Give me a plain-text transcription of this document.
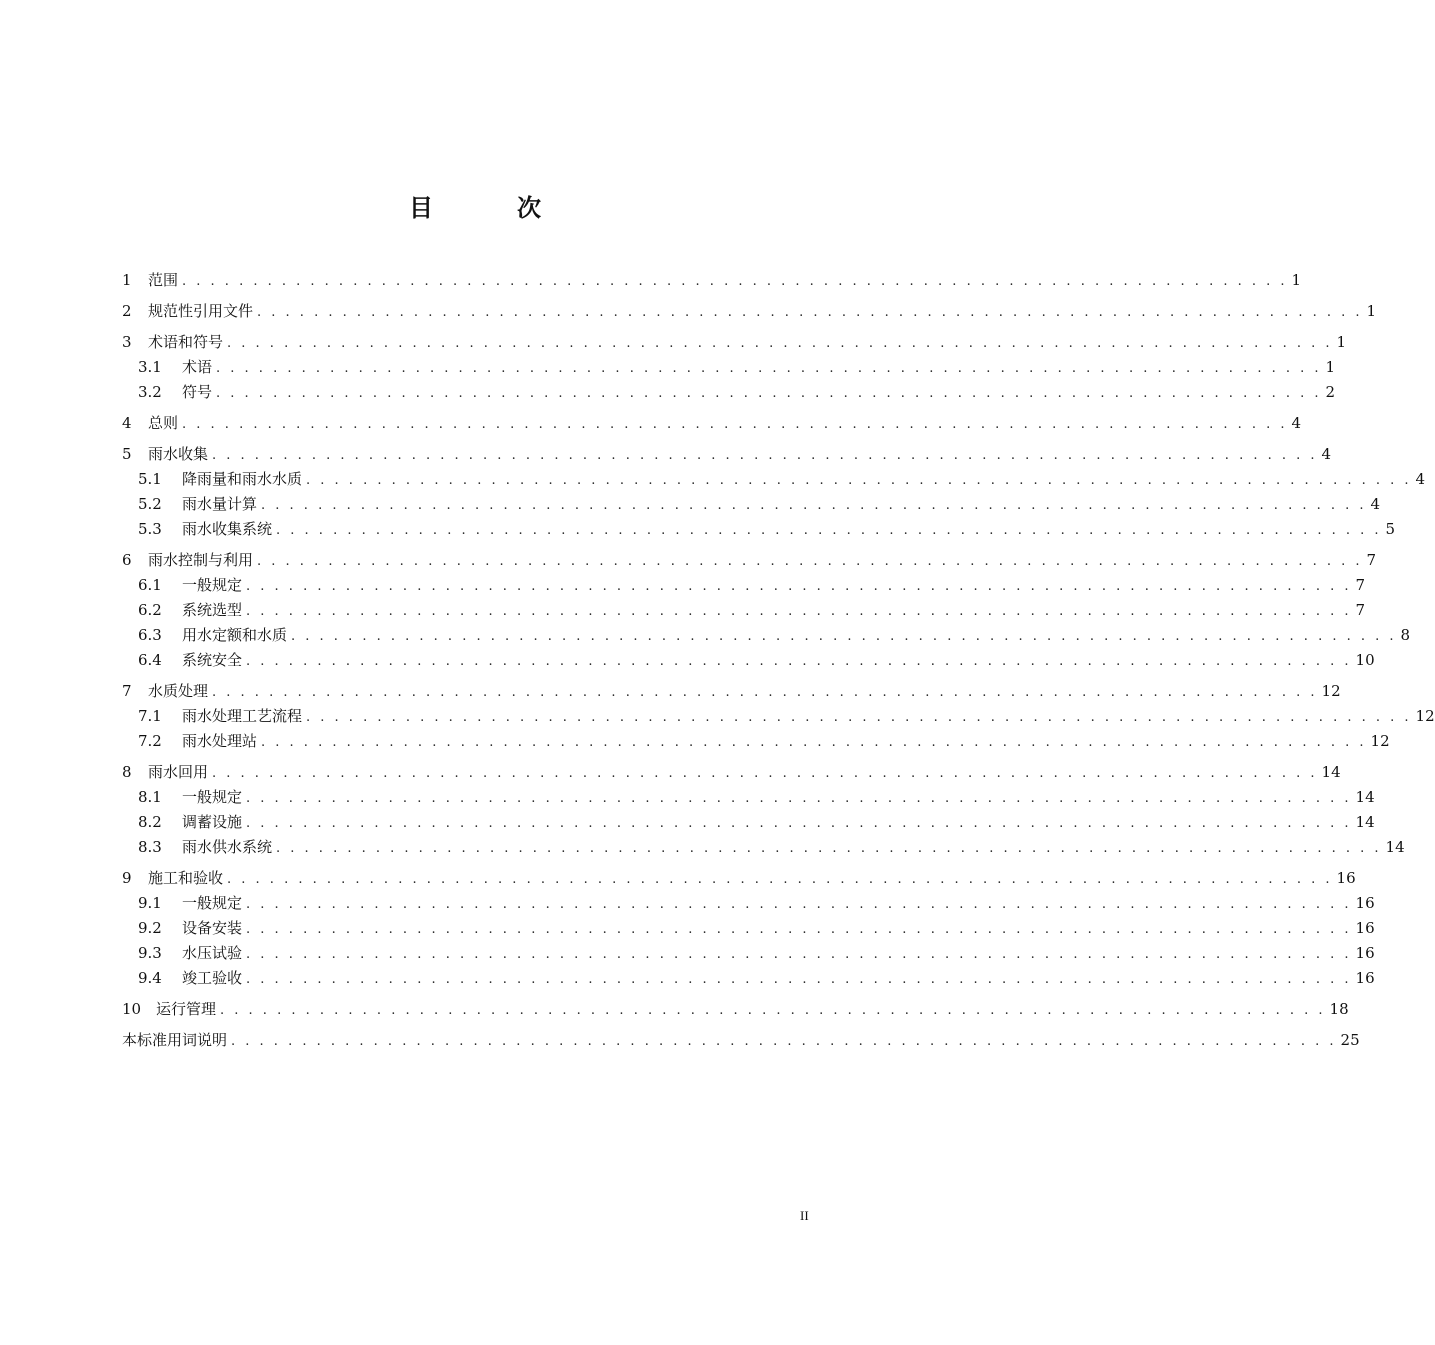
目　次
1	范围 . . . . . . . . . . . . . . . . . . . . . . . . . . . . . . . . . . . . . . . . . . . . . . . . . . . . . . . . . . . . . . . . . . . . . . . . . . . . . . 1
2	规范性引用文件 . . . . . . . . . . . . . . . . . . . . . . . . . . . . . . . . . . . . . . . . . . . . . . . . . . . . . . . . . . . . . . . . . . . . . . . . . . . . . . 1
3	术语和符号 . . . . . . . . . . . . . . . . . . . . . . . . . . . . . . . . . . . . . . . . . . . . . . . . . . . . . . . . . . . . . . . . . . . . . . . . . . . . . . 1
3.1	术语 . . . . . . . . . . . . . . . . . . . . . . . . . . . . . . . . . . . . . . . . . . . . . . . . . . . . . . . . . . . . . . . . . . . . . . . . . . . . . . 1
3.2	符号 . . . . . . . . . . . . . . . . . . . . . . . . . . . . . . . . . . . . . . . . . . . . . . . . . . . . . . . . . . . . . . . . . . . . . . . . . . . . . . 2
4	总则 . . . . . . . . . . . . . . . . . . . . . . . . . . . . . . . . . . . . . . . . . . . . . . . . . . . . . . . . . . . . . . . . . . . . . . . . . . . . . . 4
5	雨水收集 . . . . . . . . . . . . . . . . . . . . . . . . . . . . . . . . . . . . . . . . . . . . . . . . . . . . . . . . . . . . . . . . . . . . . . . . . . . . . . 4
5.1	降雨量和雨水水质 . . . . . . . . . . . . . . . . . . . . . . . . . . . . . . . . . . . . . . . . . . . . . . . . . . . . . . . . . . . . . . . . . . . . . . . . . . . . . . 4
5.2	雨水量计算 . . . . . . . . . . . . . . . . . . . . . . . . . . . . . . . . . . . . . . . . . . . . . . . . . . . . . . . . . . . . . . . . . . . . . . . . . . . . . . 4
5.3	雨水收集系统 . . . . . . . . . . . . . . . . . . . . . . . . . . . . . . . . . . . . . . . . . . . . . . . . . . . . . . . . . . . . . . . . . . . . . . . . . . . . . . 5
6	雨水控制与利用 . . . . . . . . . . . . . . . . . . . . . . . . . . . . . . . . . . . . . . . . . . . . . . . . . . . . . . . . . . . . . . . . . . . . . . . . . . . . . . 7
6.1	一般规定 . . . . . . . . . . . . . . . . . . . . . . . . . . . . . . . . . . . . . . . . . . . . . . . . . . . . . . . . . . . . . . . . . . . . . . . . . . . . . . 7
6.2	系统选型 . . . . . . . . . . . . . . . . . . . . . . . . . . . . . . . . . . . . . . . . . . . . . . . . . . . . . . . . . . . . . . . . . . . . . . . . . . . . . . 7
6.3	用水定额和水质 . . . . . . . . . . . . . . . . . . . . . . . . . . . . . . . . . . . . . . . . . . . . . . . . . . . . . . . . . . . . . . . . . . . . . . . . . . . . . . 8
6.4	系统安全 . . . . . . . . . . . . . . . . . . . . . . . . . . . . . . . . . . . . . . . . . . . . . . . . . . . . . . . . . . . . . . . . . . . . . . . . . . . . . . 10
7	水质处理 . . . . . . . . . . . . . . . . . . . . . . . . . . . . . . . . . . . . . . . . . . . . . . . . . . . . . . . . . . . . . . . . . . . . . . . . . . . . . . 12
7.1	雨水处理工艺流程 . . . . . . . . . . . . . . . . . . . . . . . . . . . . . . . . . . . . . . . . . . . . . . . . . . . . . . . . . . . . . . . . . . . . . . . . . . . . . . 12
7.2	雨水处理站 . . . . . . . . . . . . . . . . . . . . . . . . . . . . . . . . . . . . . . . . . . . . . . . . . . . . . . . . . . . . . . . . . . . . . . . . . . . . . . 12
8	雨水回用 . . . . . . . . . . . . . . . . . . . . . . . . . . . . . . . . . . . . . . . . . . . . . . . . . . . . . . . . . . . . . . . . . . . . . . . . . . . . . . 14
8.1	一般规定 . . . . . . . . . . . . . . . . . . . . . . . . . . . . . . . . . . . . . . . . . . . . . . . . . . . . . . . . . . . . . . . . . . . . . . . . . . . . . . 14
8.2	调蓄设施 . . . . . . . . . . . . . . . . . . . . . . . . . . . . . . . . . . . . . . . . . . . . . . . . . . . . . . . . . . . . . . . . . . . . . . . . . . . . . . 14
8.3	雨水供水系统 . . . . . . . . . . . . . . . . . . . . . . . . . . . . . . . . . . . . . . . . . . . . . . . . . . . . . . . . . . . . . . . . . . . . . . . . . . . . . . 14
9	施工和验收 . . . . . . . . . . . . . . . . . . . . . . . . . . . . . . . . . . . . . . . . . . . . . . . . . . . . . . . . . . . . . . . . . . . . . . . . . . . . . . 16
9.1	一般规定 . . . . . . . . . . . . . . . . . . . . . . . . . . . . . . . . . . . . . . . . . . . . . . . . . . . . . . . . . . . . . . . . . . . . . . . . . . . . . . 16
9.2	设备安装 . . . . . . . . . . . . . . . . . . . . . . . . . . . . . . . . . . . . . . . . . . . . . . . . . . . . . . . . . . . . . . . . . . . . . . . . . . . . . . 16
9.3	水压试验 . . . . . . . . . . . . . . . . . . . . . . . . . . . . . . . . . . . . . . . . . . . . . . . . . . . . . . . . . . . . . . . . . . . . . . . . . . . . . . 16
9.4	竣工验收 . . . . . . . . . . . . . . . . . . . . . . . . . . . . . . . . . . . . . . . . . . . . . . . . . . . . . . . . . . . . . . . . . . . . . . . . . . . . . . 16
10 运行管理 . . . . . . . . . . . . . . . . . . . . . . . . . . . . . . . . . . . . . . . . . . . . . . . . . . . . . . . . . . . . . . . . . . . . . . . . . . . . . . 18
本标准用词说明 . . . . . . . . . . . . . . . . . . . . . . . . . . . . . . . . . . . . . . . . . . . . . . . . . . . . . . . . . . . . . . . . . . . . . . . . . . . . . . 25
II
